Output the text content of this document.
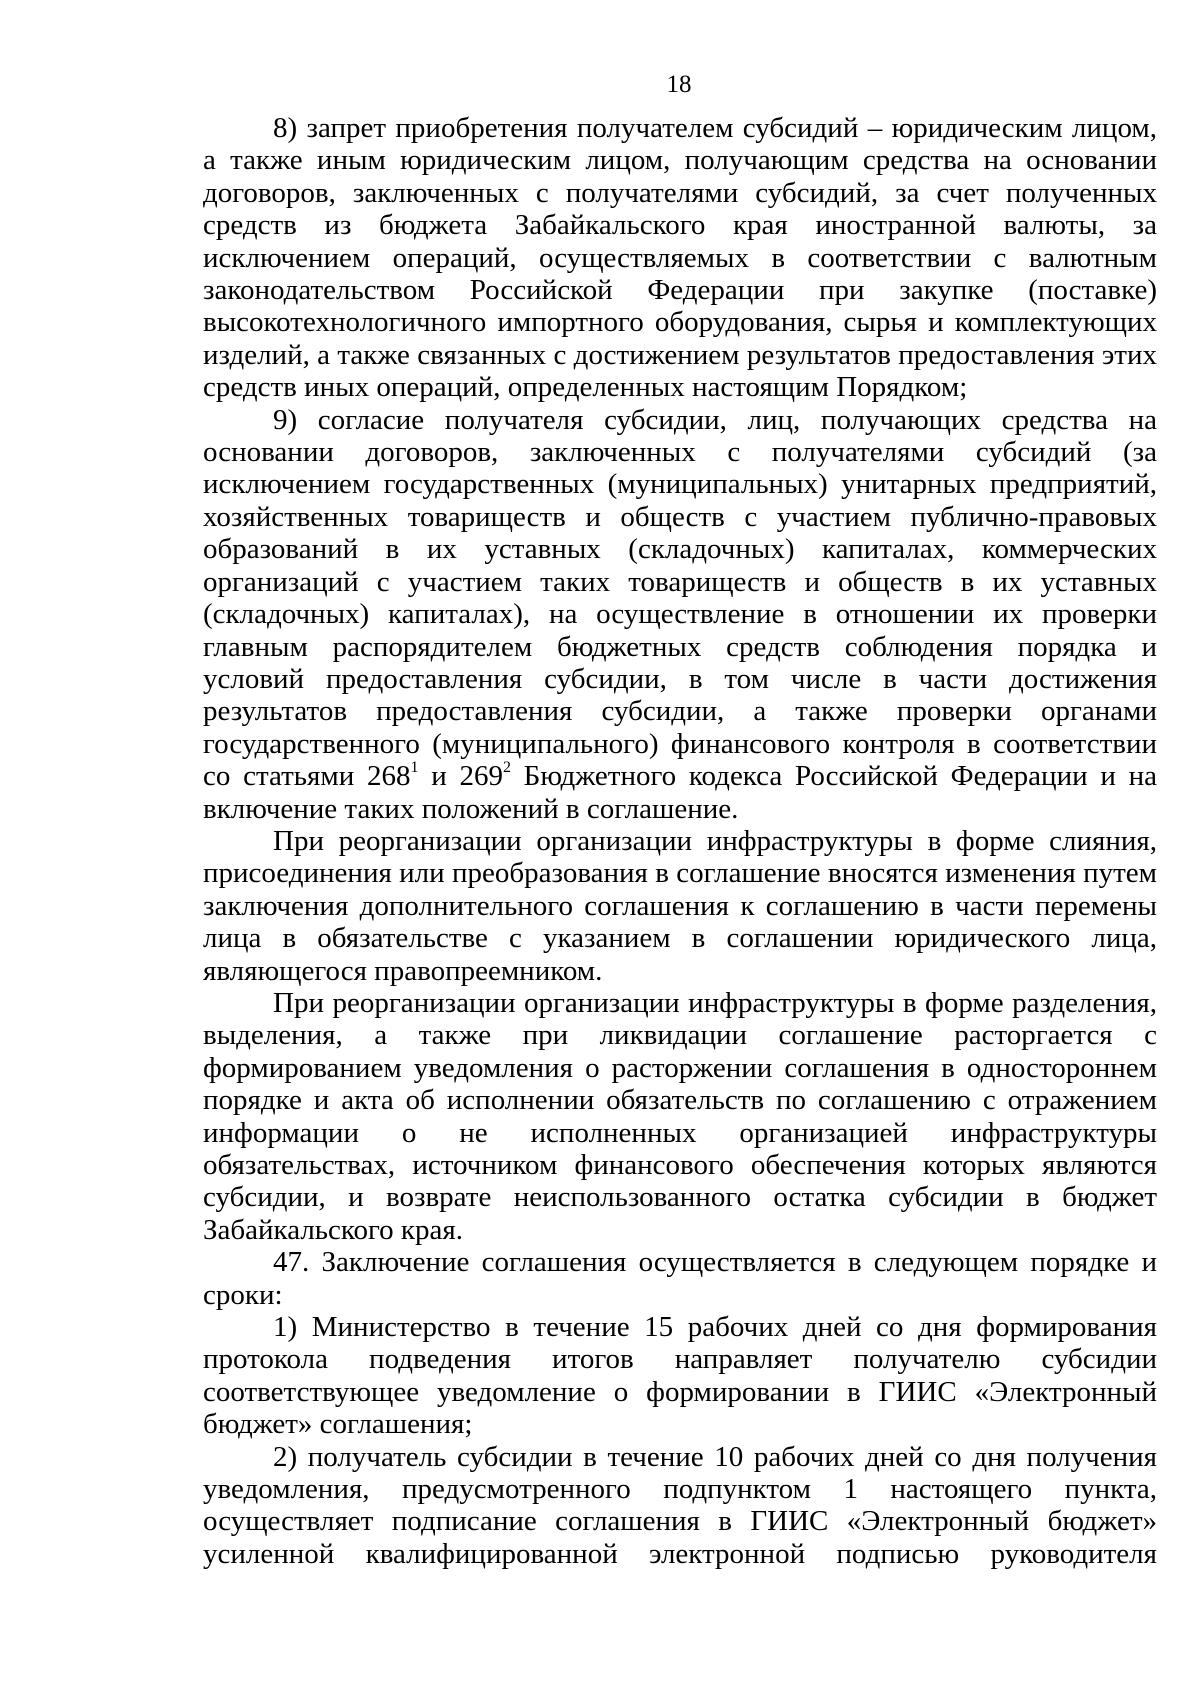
18

8) запрет приобретения получателем субсидий – юридическим лицом, а также иным юридическим лицом, получающим средства на основании договоров, заключенных с получателями субсидий, за счет полученных средств из бюджета Забайкальского края иностранной валюты, за исключением операций, осуществляемых в соответствии с валютным законодательством Российской Федерации при закупке (поставке) высокотехнологичного импортного оборудования, сырья и комплектующих изделий, а также связанных с достижением результатов предоставления этих средств иных операций, определенных настоящим Порядком;

9) согласие получателя субсидии, лиц, получающих средства на основании договоров, заключенных с получателями субсидий (за исключением государственных (муниципальных) унитарных предприятий, хозяйственных товариществ и обществ с участием публично-правовых образований в их уставных (складочных) капиталах, коммерческих организаций с участием таких товариществ и обществ в их уставных (складочных) капиталах), на осуществление в отношении их проверки главным распорядителем бюджетных средств соблюдения порядка и условий предоставления субсидии, в том числе в части достижения результатов предоставления субсидии, а также проверки органами государственного (муниципального) финансового контроля в соответствии со статьями $268^1$ и $269^2$ Бюджетного кодекса Российской Федерации и на включение таких положений в соглашение.

При реорганизации организации инфраструктуры в форме слияния, присоединения или преобразования в соглашение вносятся изменения путем заключения дополнительного соглашения к соглашению в части перемены лица в обязательстве с указанием в соглашении юридического лица, являющегося правопреемником.

При реорганизации организации инфраструктуры в форме разделения, выделения, а также при ликвидации соглашение расторгается с формированием уведомления о расторжении соглашения в одностороннем порядке и акта об исполнении обязательств по соглашению с отражением информации о не исполненных организацией инфраструктуры обязательствах, источником финансового обеспечения которых являются субсидии, и возврате неиспользованного остатка субсидии в бюджет Забайкальского края.

47. Заключение соглашения осуществляется в следующем порядке и сроки:

1) Министерство в течение 15 рабочих дней со дня формирования протокола подведения итогов направляет получателю субсидии соответствующее уведомление о формировании в ГИИС «Электронный бюджет» соглашения;

2) получатель субсидии в течение 10 рабочих дней со дня получения уведомления, предусмотренного подпунктом 1 настоящего пункта, осуществляет подписание соглашения в ГИИС «Электронный бюджет» усиленной квалифицированной электронной подписью руководителя
